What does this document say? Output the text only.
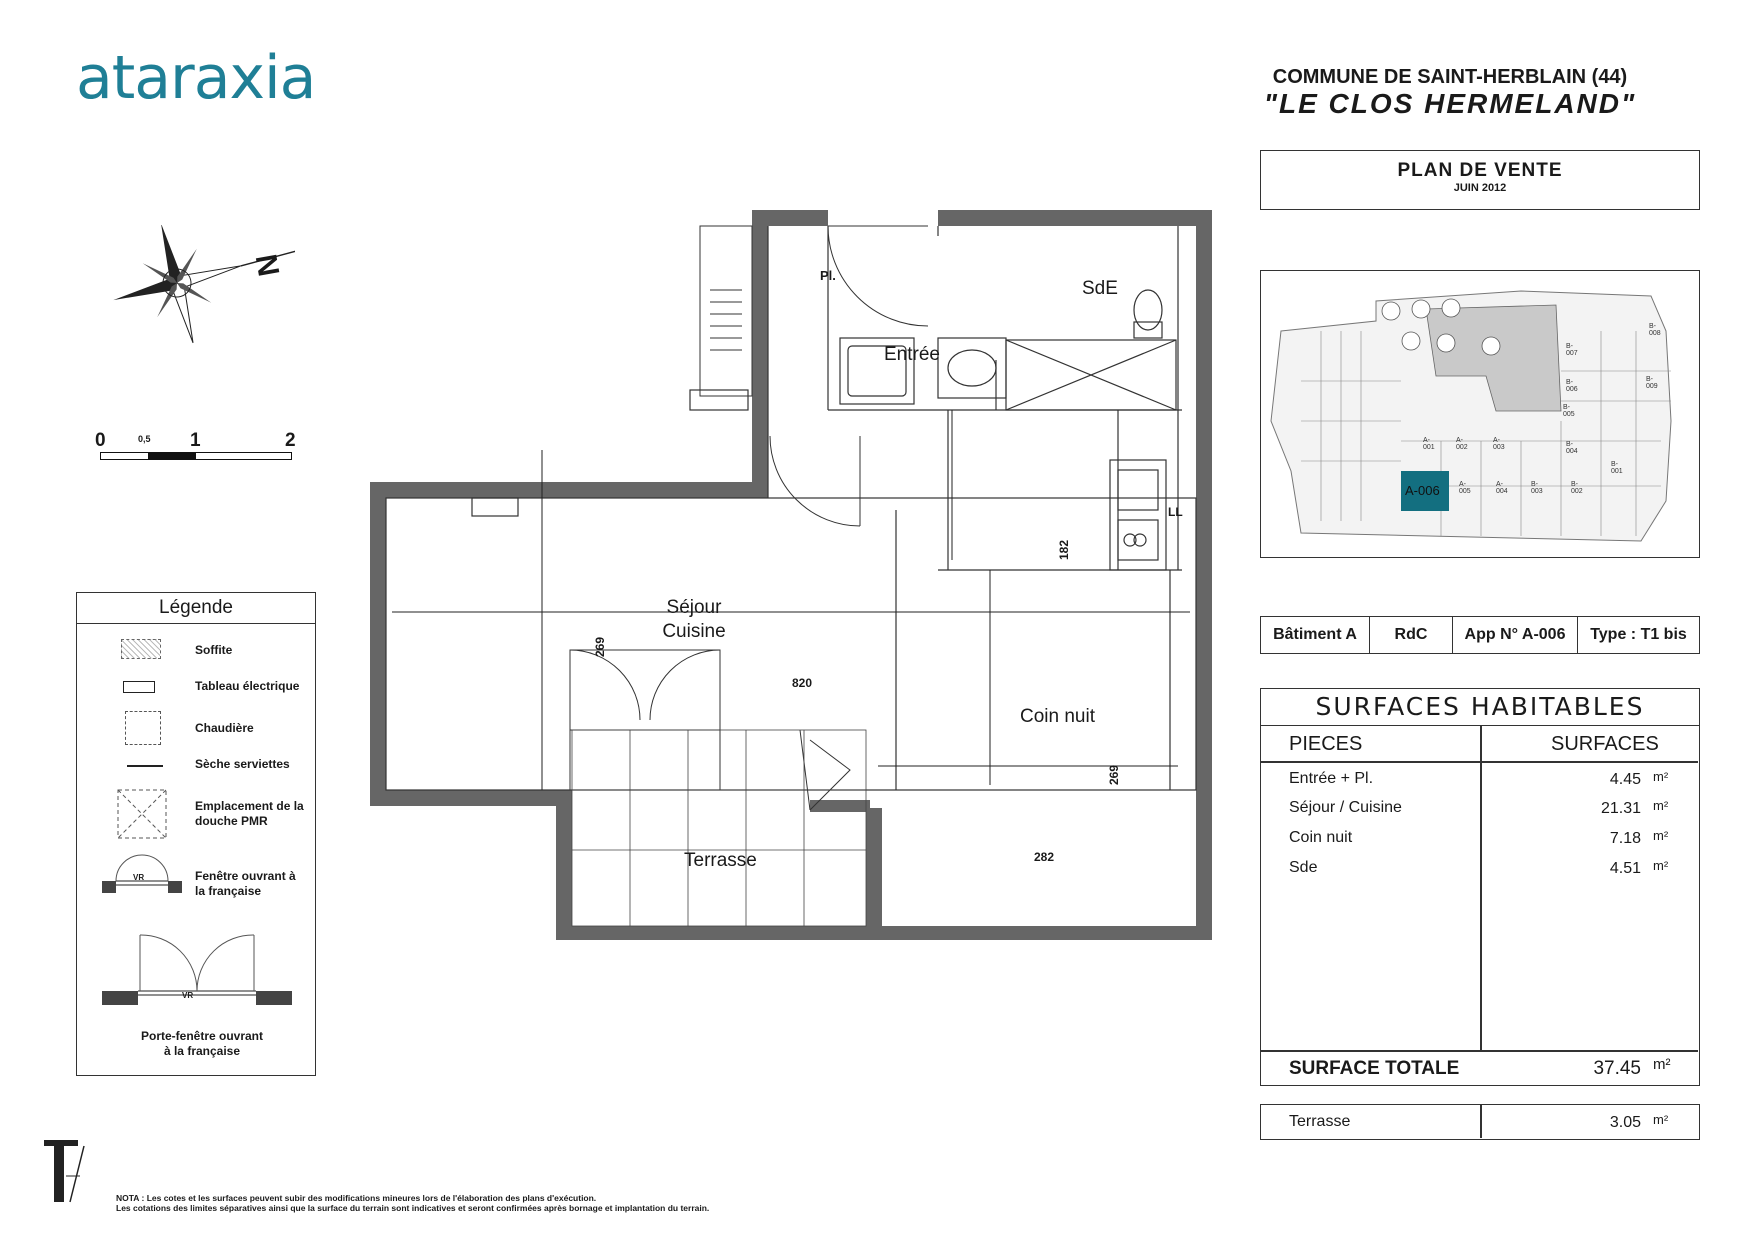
ataraxia	COMMUNE DE SAINT-HERBLAIN (44)
"LE CLOS HERMELAND"
PLAN DE VENTE
JUIN 2012
A-006
A-001
A-002
A-003
A-005
A-004
B-001
B-002
B-003
B-004
B-005
B-006
B-007
B-008
B-009
Bâtiment A	RdC	App N° A-006	Type : T1 bis
SURFACES HABITABLES
PIECES	SURFACES
Entrée + Pl.	4.45 m²
Séjour / Cuisine	21.31 m²
Coin nuit	7.18 m²
Sde	4.51 m²
SURFACE TOTALE	37.45 m²
Terrasse	3.05 m²
N
0	0,5 1	2
Légende
Soffite
Tableau électrique
Chaudière
Sèche serviettes
Emplacement de la douche PMR
VR	Fenêtre ouvrant à la française
VR
Porte-fenêtre ouvrant à la française
SdE
Entrée
Pl.
Séjour
Cuisine
Coin nuit
Terrasse
LL
182
269
820
269
282
NOTA : Les cotes et les surfaces peuvent subir des modifications mineures lors de l'élaboration des plans d'exécution.
Les cotations des limites séparatives ainsi que la surface du terrain sont indicatives et seront confirmées après bornage et implantation du terrain.
